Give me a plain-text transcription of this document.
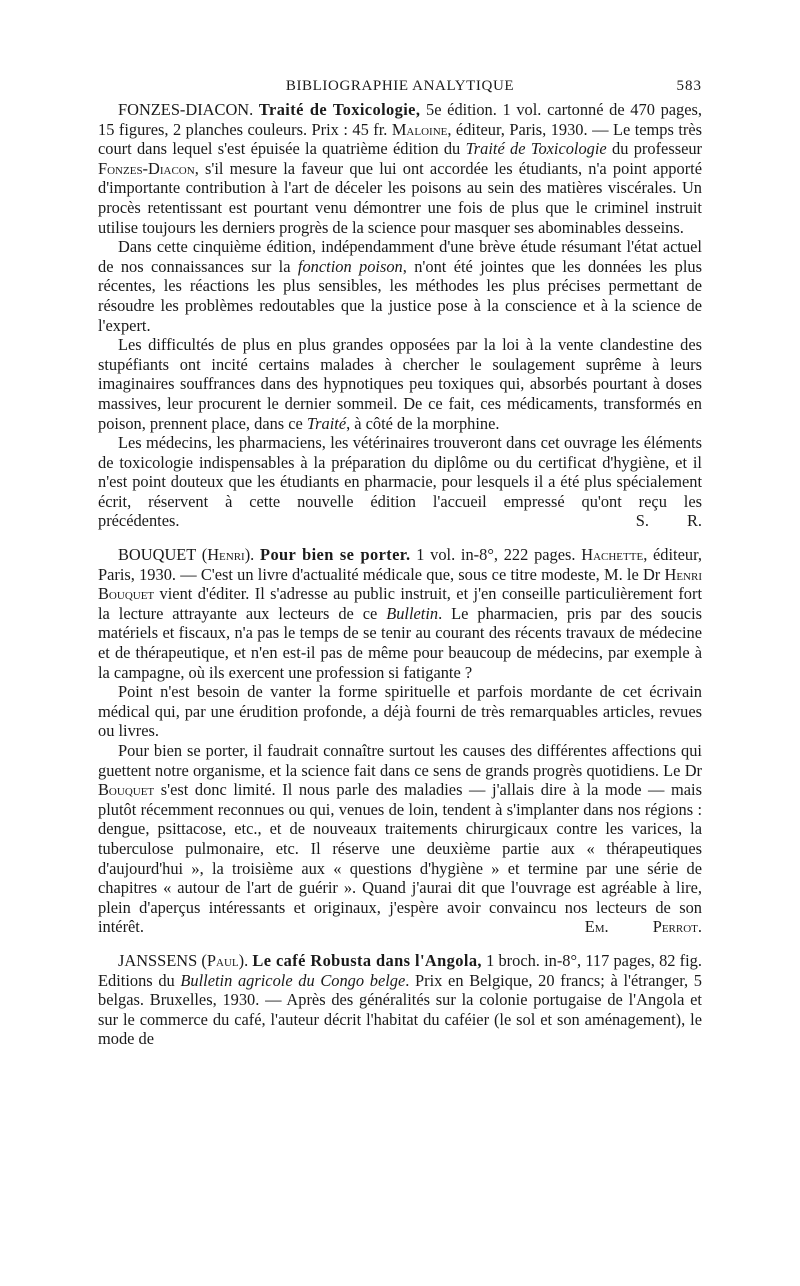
BIBLIOGRAPHIE ANALYTIQUE	583

FONZES-DIACON. Traité de Toxicologie, 5e édition. 1 vol. cartonné de 470 pages, 15 figures, 2 planches couleurs. Prix : 45 fr. Maloine, éditeur, Paris, 1930. — Le temps très court dans lequel s'est épuisée la quatrième édition du Traité de Toxicologie du professeur Fonzes-Diacon, s'il mesure la faveur que lui ont accordée les étudiants, n'a point apporté d'importante contribution à l'art de déceler les poisons au sein des matières viscérales. Un procès retentissant est pourtant venu démontrer une fois de plus que le criminel instruit utilise toujours les derniers progrès de la science pour masquer ses abominables desseins.

Dans cette cinquième édition, indépendamment d'une brève étude résumant l'état actuel de nos connaissances sur la fonction poison, n'ont été jointes que les données les plus récentes, les réactions les plus sensibles, les méthodes les plus précises permettant de résoudre les problèmes redoutables que la justice pose à la conscience et à la science de l'expert.

Les difficultés de plus en plus grandes opposées par la loi à la vente clandestine des stupéfiants ont incité certains malades à chercher le soulagement suprême à leurs imaginaires souffrances dans des hypnotiques peu toxiques qui, absorbés pourtant à doses massives, leur procurent le dernier sommeil. De ce fait, ces médicaments, transformés en poison, prennent place, dans ce Traité, à côté de la morphine.

Les médecins, les pharmaciens, les vétérinaires trouveront dans cet ouvrage les éléments de toxicologie indispensables à la préparation du diplôme ou du certificat d'hygiène, et il n'est point douteux que les étudiants en pharmacie, pour lesquels il a été plus spécialement écrit, réservent à cette nouvelle édition l'accueil empressé qu'ont reçu les précédentes.	S. R.

BOUQUET (Henri). Pour bien se porter. 1 vol. in-8°, 222 pages. Hachette, éditeur, Paris, 1930. — C'est un livre d'actualité médicale que, sous ce titre modeste, M. le Dr Henri Bouquet vient d'éditer. Il s'adresse au public instruit, et j'en conseille particulièrement fort la lecture attrayante aux lecteurs de ce Bulletin. Le pharmacien, pris par des soucis matériels et fiscaux, n'a pas le temps de se tenir au courant des récents travaux de médecine et de thérapeutique, et n'en est-il pas de même pour beaucoup de médecins, par exemple à la campagne, où ils exercent une profession si fatigante ?

Point n'est besoin de vanter la forme spirituelle et parfois mordante de cet écrivain médical qui, par une érudition profonde, a déjà fourni de très remarquables articles, revues ou livres.

Pour bien se porter, il faudrait connaître surtout les causes des différentes affections qui guettent notre organisme, et la science fait dans ce sens de grands progrès quotidiens. Le Dr Bouquet s'est donc limité. Il nous parle des maladies — j'allais dire à la mode — mais plutôt récemment reconnues ou qui, venues de loin, tendent à s'implanter dans nos régions : dengue, psittacose, etc., et de nouveaux traitements chirurgicaux contre les varices, la tuberculose pulmonaire, etc. Il réserve une deuxième partie aux « thérapeutiques d'aujourd'hui », la troisième aux « questions d'hygiène » et termine par une série de chapitres « autour de l'art de guérir ». Quand j'aurai dit que l'ouvrage est agréable à lire, plein d'aperçus intéressants et originaux, j'espère avoir convaincu nos lecteurs de son intérêt.	Em. Perrot.

JANSSENS (Paul). Le café Robusta dans l'Angola, 1 broch. in-8°, 117 pages, 82 fig. Editions du Bulletin agricole du Congo belge. Prix en Belgique, 20 francs; à l'étranger, 5 belgas. Bruxelles, 1930. — Après des généralités sur la colonie portugaise de l'Angola et sur le commerce du café, l'auteur décrit l'habitat du caféier (le sol et son aménagement), le mode de
